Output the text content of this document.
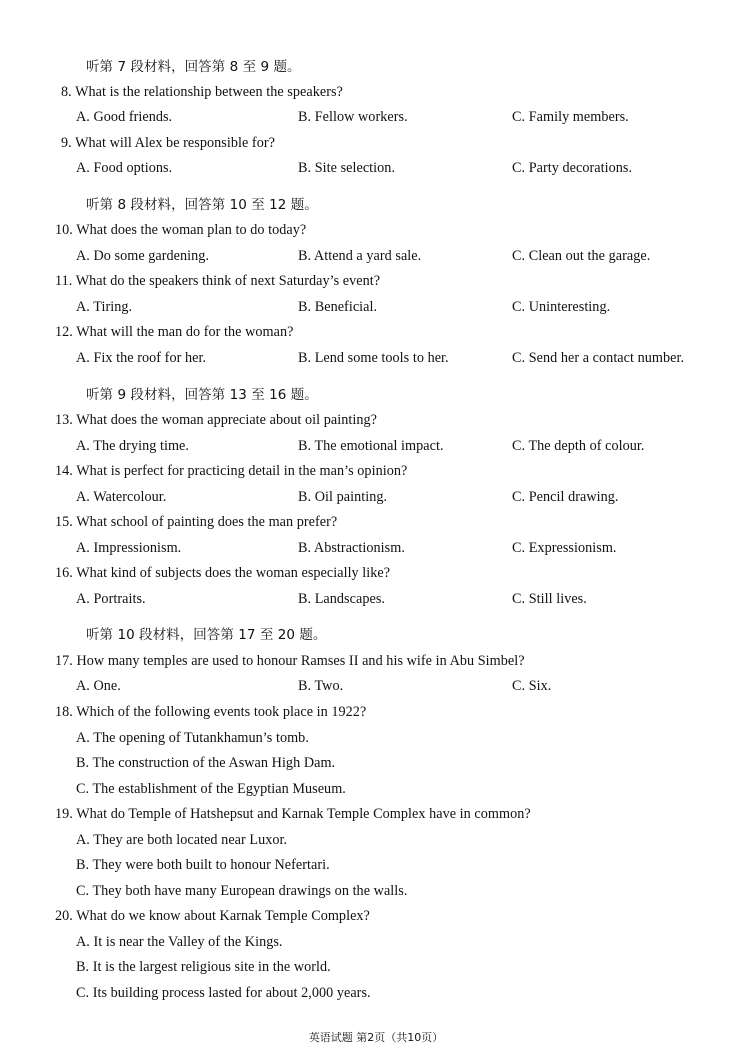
听第 7 段材料，回答第 8 至 9 题。
8. What is the relationship between the speakers?
A. Good friends.	B. Fellow workers.	C. Family members.
9. What will Alex be responsible for?
A. Food options.	B. Site selection.	C. Party decorations.
听第 8 段材料，回答第 10 至 12 题。
10. What does the woman plan to do today?
A. Do some gardening.	B. Attend a yard sale.	C. Clean out the garage.
11. What do the speakers think of next Saturday’s event?
A. Tiring.	B. Beneficial.	C. Uninteresting.
12. What will the man do for the woman?
A. Fix the roof for her.	B. Lend some tools to her.	C. Send her a contact number.
听第 9 段材料，回答第 13 至 16 题。
13. What does the woman appreciate about oil painting?
A. The drying time.	B. The emotional impact.	C. The depth of colour.
14. What is perfect for practicing detail in the man’s opinion?
A. Watercolour.	B. Oil painting.	C. Pencil drawing.
15. What school of painting does the man prefer?
A. Impressionism.	B. Abstractionism.	C. Expressionism.
16. What kind of subjects does the woman especially like?
A. Portraits.	B. Landscapes.	C. Still lives.
听第 10 段材料，回答第 17 至 20 题。
17. How many temples are used to honour Ramses II and his wife in Abu Simbel?
A. One.	B. Two.	C. Six.
18. Which of the following events took place in 1922?
A. The opening of Tutankhamun’s tomb.
B. The construction of the Aswan High Dam.
C. The establishment of the Egyptian Museum.
19. What do Temple of Hatshepsut and Karnak Temple Complex have in common?
A. They are both located near Luxor.
B. They were both built to honour Nefertari.
C. They both have many European drawings on the walls.
20. What do we know about Karnak Temple Complex?
A. It is near the Valley of the Kings.
B. It is the largest religious site in the world.
C. Its building process lasted for about 2,000 years.
英语试题 第2页（共10页）
